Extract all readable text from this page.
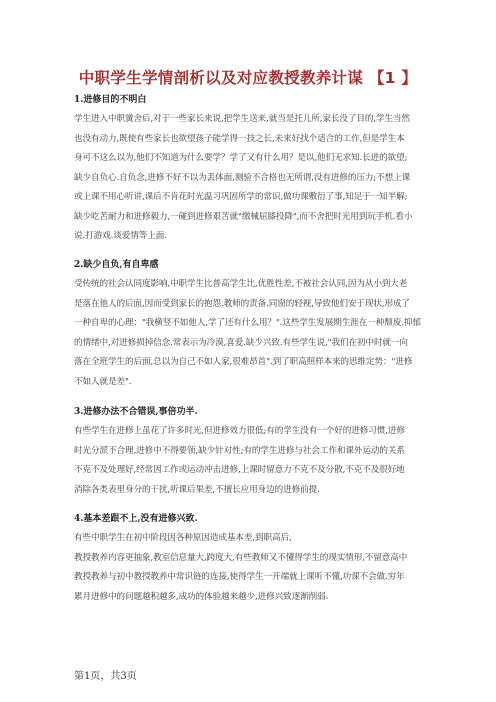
中职学生学情剖析以及对应教授教养计谋 【1 】
1.进修目的不明白
学生进入中职黉舍后,对于一些家长来说,把学生送来,就当是托儿所,家长没了目的,学生当然
也没有动力,既使有些家长也欲望孩子能学得一技之长,未来好找个适合的工作,但是学生本
身可不这么以为,他们不知道为什么要学？学了又有什么用？是以,他们无求知.长进的欲望;
缺少自负心.自负念,进修不好不以为丢体面,测验不合格也无所谓,没有进修的压力;不想上课
或上课不用心听讲,课后不肯花时光温习巩固所学的常识,做功课敷衍了事,知足于一知半解;
缺少吃苦耐力和进修毅力,一碰到进修艰苦就"缴械屈膝投降",而不舍把时光用到玩手机.看小
说.打游戏.谈爱情等上面.
2.缺少自负,有自卑感
受传统的社会认同度影响,中职学生比普高学生比,优胜性差,不被社会认同,因为从小到大老
是落在他人的后面,因而受到家长的抱怨.教师的责备.同窗的轻视,导致他们安于现状,形成了
一种自卑的心理："我横竖不如他人,学了还有什么用？".这些学生发展期生涯在一种颓废.抑郁
的情绪中,对进修损掉信念.常表示为冷漠,喜爱.缺少兴致.有些学生说,"我们在初中时就一向
落在全班学生的后面,总以为自己不如人家,很难昂首".到了职高照样本来的思维定势："进修
不如人就是差".
3.进修办法不合错误,事倍功半.
有些学生在进修上虽花了许多时光,但进修效力很低;有的学生没有一个好的进修习惯,进修
时光分派不合理,进修中不得要领,缺少针对性;有的学生进修与社会工作和课外运动的关系
不克不及处理好,经常因工作或运动冲击进修,上课时留意力不克不及分散,不克不及很好地
消除各类表里身分的干扰,听课后果差,不擅长应用身边的进修前提.
4.基本差跟不上,没有进修兴致.
有些中职学生在初中阶段因各种原因造成基本差,到职高后,
教授教养内容更抽象,教室信息量大,跨度大,有些教师又不懂得学生的现实情形,不留意高中
教授教养与初中教授教养中常识链的连接,使得学生一开端就上课听不懂,功课不会做.穷年
累月进修中的问题越积越多,成功的体验越来越少,进修兴致逐渐削弱.
第1页，共3页
